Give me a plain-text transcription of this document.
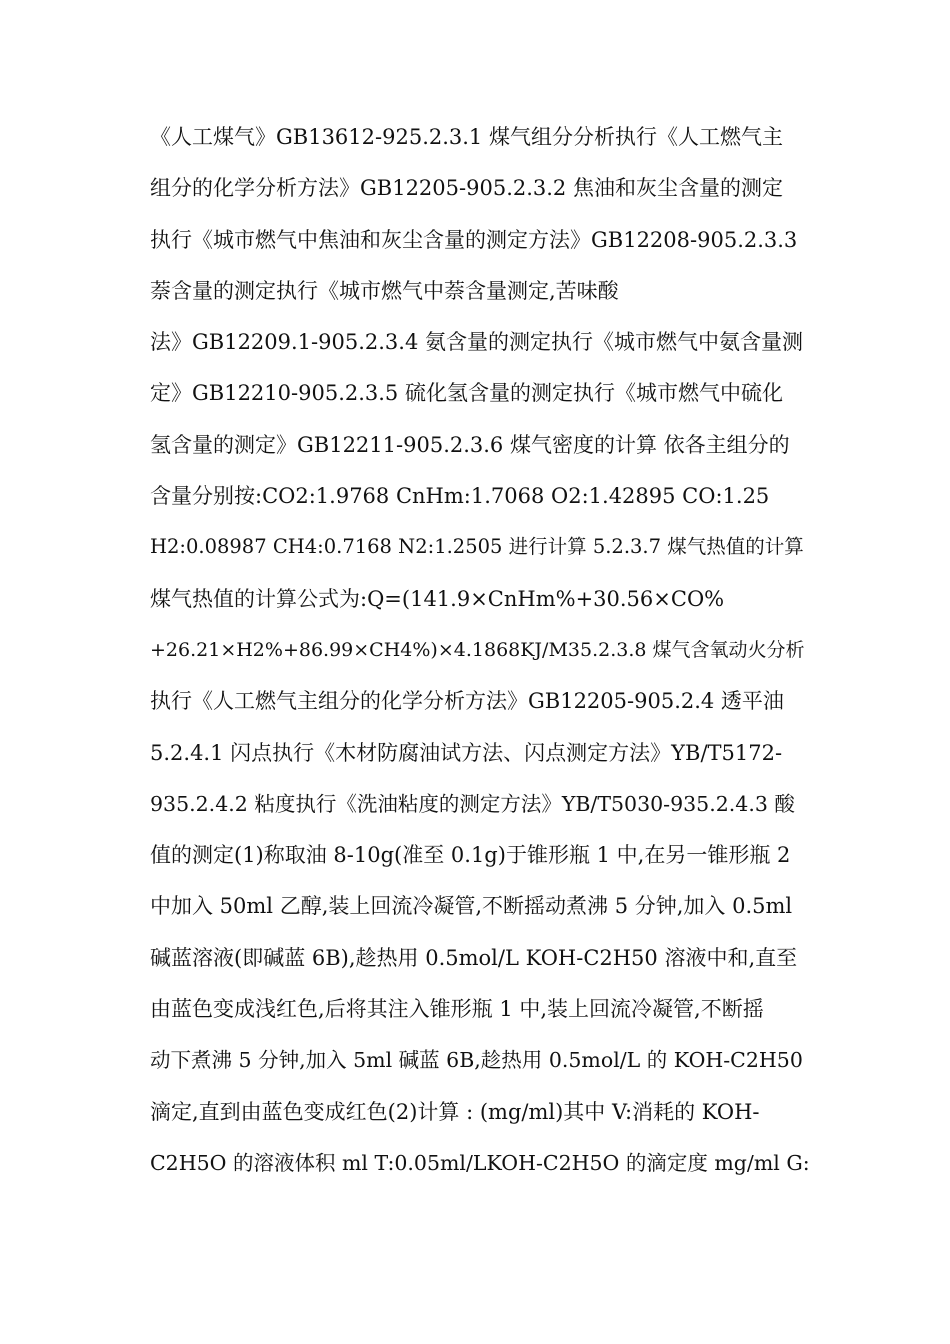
《人工煤气》GB13612-925.2.3.1 煤气组分分析执行《人工燃气主
组分的化学分析方法》GB12205-905.2.3.2 焦油和灰尘含量的测定
执行《城市燃气中焦油和灰尘含量的测定方法》GB12208-905.2.3.3
萘含量的测定执行《城市燃气中萘含量测定,苦味酸
法》GB12209.1-905.2.3.4 氨含量的测定执行《城市燃气中氨含量测
定》GB12210-905.2.3.5 硫化氢含量的测定执行《城市燃气中硫化
氢含量的测定》GB12211-905.2.3.6 煤气密度的计算 依各主组分的
含量分别按:CO2:1.9768 CnHm:1.7068 O2:1.42895 CO:1.25
H2:0.08987 CH4:0.7168 N2:1.2505 进行计算 5.2.3.7 煤气热值的计算
煤气热值的计算公式为:Q=(141.9×CnHm%+30.56×CO%
+26.21×H2%+86.99×CH4%)×4.1868KJ/M35.2.3.8 煤气含氧动火分析
执行《人工燃气主组分的化学分析方法》GB12205-905.2.4 透平油
5.2.4.1 闪点执行《木材防腐油试方法、闪点测定方法》YB/T5172-
935.2.4.2 粘度执行《洗油粘度的测定方法》YB/T5030-935.2.4.3 酸
值的测定(1)称取油 8-10g(准至 0.1g)于锥形瓶 1 中,在另一锥形瓶 2
中加入 50ml 乙醇,装上回流冷凝管,不断摇动煮沸 5 分钟,加入 0.5ml
碱蓝溶液(即碱蓝 6B),趁热用 0.5mol/L KOH-C2H50 溶液中和,直至
由蓝色变成浅红色,后将其注入锥形瓶 1 中,装上回流冷凝管,不断摇
动下煮沸 5 分钟,加入 5ml 碱蓝 6B,趁热用 0.5mol/L 的 KOH-C2H50
滴定,直到由蓝色变成红色(2)计算 : (mg/ml)其中 V:消耗的 KOH-
C2H5O 的溶液体积 ml T:0.05ml/LKOH-C2H5O 的滴定度 mg/ml G:
